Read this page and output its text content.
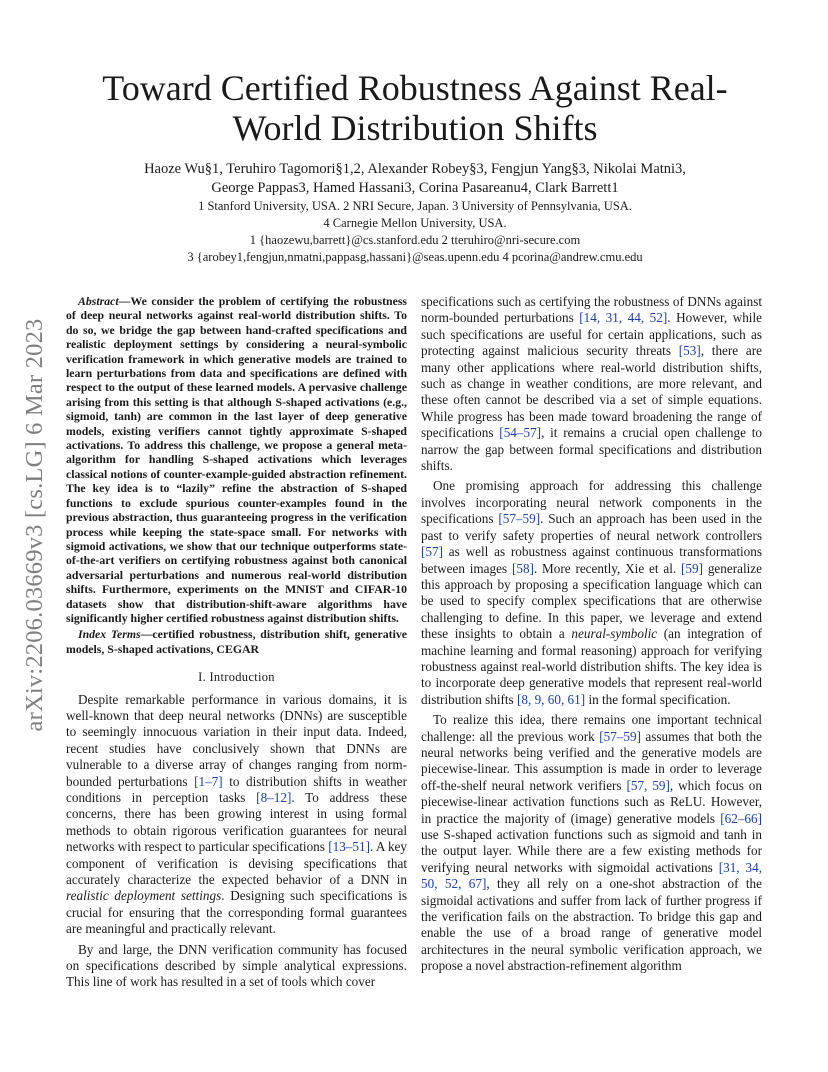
arXiv:2206.03669v3 [cs.LG] 6 Mar 2023
Toward Certified Robustness Against Real-World Distribution Shifts
Haoze Wu§1, Teruhiro Tagomori§1,2, Alexander Robey§3, Fengjun Yang§3, Nikolai Matni3,
George Pappas3, Hamed Hassani3, Corina Pasareanu4, Clark Barrett1
1 Stanford University, USA. 2 NRI Secure, Japan. 3 University of Pennsylvania, USA.
4 Carnegie Mellon University, USA.
1 {haozewu,barrett}@cs.stanford.edu 2 tteruhiro@nri-secure.com
3 {arobey1,fengjun,nmatni,pappasg,hassani}@seas.upenn.edu 4 pcorina@andrew.cmu.edu

Abstract—We consider the problem of certifying the robustness of deep neural networks against real-world distribution shifts. To do so, we bridge the gap between hand-crafted specifications and realistic deployment settings by considering a neural-symbolic verification framework in which generative models are trained to learn perturbations from data and specifications are defined with respect to the output of these learned models. A pervasive challenge arising from this setting is that although S-shaped activations (e.g., sigmoid, tanh) are common in the last layer of deep generative models, existing verifiers cannot tightly approximate S-shaped activations. To address this challenge, we propose a general meta-algorithm for handling S-shaped activations which leverages classical notions of counter-example-guided abstraction refinement. The key idea is to “lazily” refine the abstraction of S-shaped functions to exclude spurious counter-examples found in the previous abstraction, thus guaranteeing progress in the verification process while keeping the state-space small. For networks with sigmoid activations, we show that our technique outperforms state-of-the-art verifiers on certifying robustness against both canonical adversarial perturbations and numerous real-world distribution shifts. Furthermore, experiments on the MNIST and CIFAR-10 datasets show that distribution-shift-aware algorithms have significantly higher certified robustness against distribution shifts.

Index Terms—certified robustness, distribution shift, generative models, S-shaped activations, CEGAR

I. Introduction

Despite remarkable performance in various domains, it is well-known that deep neural networks (DNNs) are susceptible to seemingly innocuous variation in their input data. Indeed, recent studies have conclusively shown that DNNs are vulnerable to a diverse array of changes ranging from norm-bounded perturbations [ 1–7 ] to distribution shifts in weather conditions in perception tasks [ 8–12 ] . To address these concerns, there has been growing interest in using formal methods to obtain rigorous verification guarantees for neural networks with respect to particular specifications [ 13–51 ] . A key component of verification is devising specifications that accurately characterize the expected behavior of a DNN in realistic deployment settings. Designing such specifications is crucial for ensuring that the corresponding formal guarantees are meaningful and practically relevant.

By and large, the DNN verification community has focused on specifications described by simple analytical expressions. This line of work has resulted in a set of tools which cover

specifications such as certifying the robustness of DNNs against norm-bounded perturbations [ 14, 31, 44, 52 ] . However, while such specifications are useful for certain applications, such as protecting against malicious security threats [ 53 ] , there are many other applications where real-world distribution shifts, such as change in weather conditions, are more relevant, and these often cannot be described via a set of simple equations. While progress has been made toward broadening the range of specifications [ 54–57 ] , it remains a crucial open challenge to narrow the gap between formal specifications and distribution shifts.

One promising approach for addressing this challenge involves incorporating neural network components in the specifications [ 57–59 ] . Such an approach has been used in the past to verify safety properties of neural network controllers [ 57 ] as well as robustness against continuous transformations between images [ 58 ] . More recently, Xie et al. [ 59 ] generalize this approach by proposing a specification language which can be used to specify complex specifications that are otherwise challenging to define. In this paper, we leverage and extend these insights to obtain a neural-symbolic (an integration of machine learning and formal reasoning) approach for verifying robustness against real-world distribution shifts. The key idea is to incorporate deep generative models that represent real-world distribution shifts [ 8, 9, 60, 61 ] in the formal specification.

To realize this idea, there remains one important technical challenge: all the previous work [ 57–59 ] assumes that both the neural networks being verified and the generative models are piecewise-linear. This assumption is made in order to leverage off-the-shelf neural network verifiers [ 57, 59 ] , which focus on piecewise-linear activation functions such as ReLU. However, in practice the majority of (image) generative models [ 62–66 ] use S-shaped activation functions such as sigmoid and tanh in the output layer. While there are a few existing methods for verifying neural networks with sigmoidal activations [ 31, 34, 50, 52, 67 ] , they all rely on a one-shot abstraction of the sigmoidal activations and suffer from lack of further progress if the verification fails on the abstraction. To bridge this gap and enable the use of a broad range of generative model architectures in the neural symbolic verification approach, we propose a novel abstraction-refinement algorithm
